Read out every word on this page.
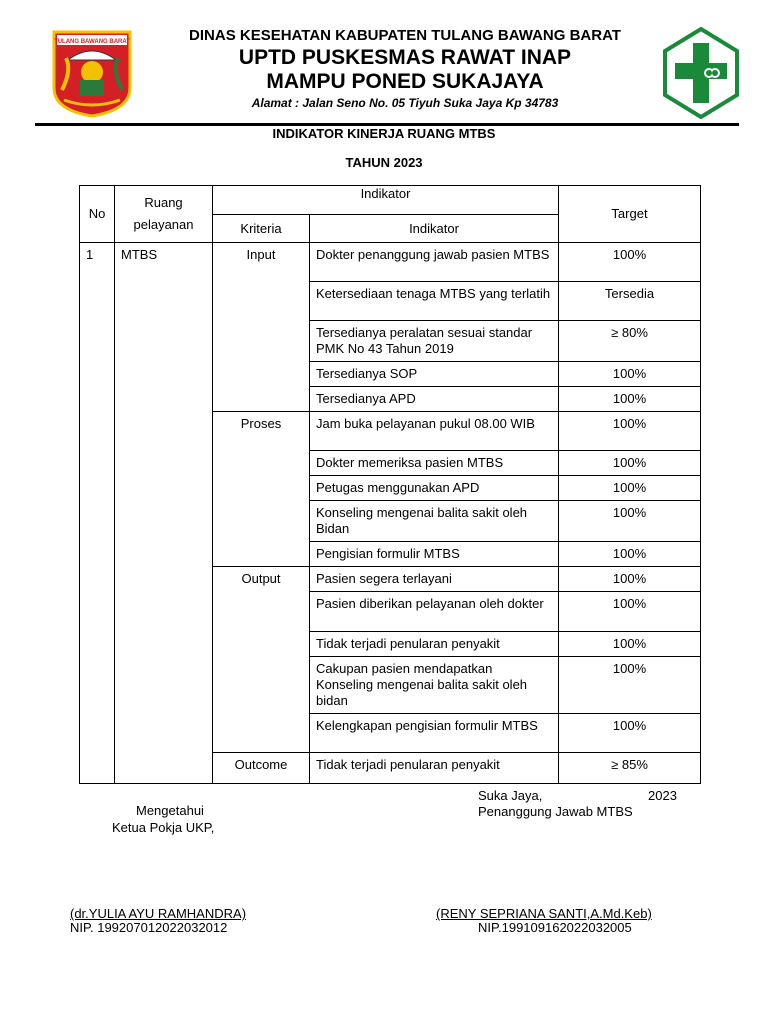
TULANG BAWANG BARAT	DINAS KESEHATAN KABUPATEN TULANG BAWANG BARAT
UPTD PUSKESMAS RAWAT INAP
MAMPU PONED SUKAJAYA
Alamat : Jalan Seno No. 05 Tiyuh Suka Jaya Kp 34783
INDIKATOR KINERJA RUANG MTBS
TAHUN 2023
No	Ruang pelayanan	Indikator		Target
		Kriteria	Indikator	
1	MTBS	Input	Dokter penanggung jawab pasien MTBS	100%
			Ketersediaan tenaga MTBS yang terlatih	Tersedia
			Tersedianya peralatan sesuai standar PMK No 43 Tahun 2019	≥ 80%
			Tersedianya SOP	100%
			Tersedianya APD	100%
		Proses	Jam buka pelayanan pukul 08.00 WIB	100%
			Dokter memeriksa pasien MTBS	100%
			Petugas menggunakan APD	100%
			Konseling mengenai balita sakit oleh Bidan	100%
			Pengisian formulir MTBS	100%
		Output	Pasien segera terlayani	100%
			Pasien diberikan pelayanan oleh dokter	100%
			Tidak terjadi penularan penyakit	100%
			Cakupan pasien mendapatkan Konseling mengenai balita sakit oleh bidan	100%
			Kelengkapan pengisian formulir MTBS	100%
		Outcome	Tidak terjadi penularan penyakit	≥ 85%
Suka Jaya,	2023
Penanggung Jawab MTBS
Mengetahui
Ketua Pokja UKP,
(dr.YULIA AYU RAMHANDRA)
NIP. 199207012022032012
(RENY SEPRIANA SANTI,A.Md.Keb)
NIP.199109162022032005
